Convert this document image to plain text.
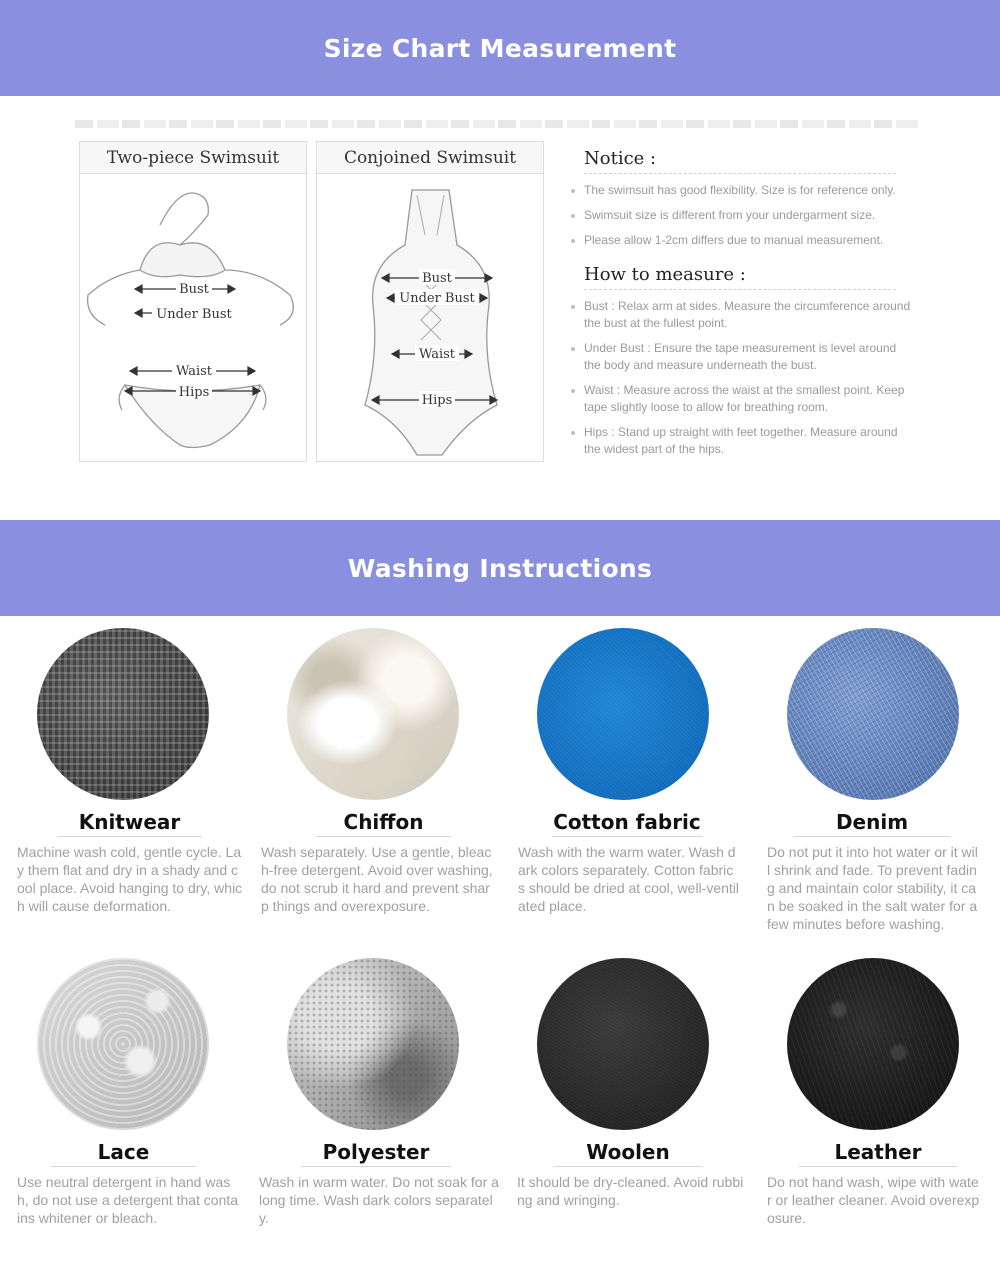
Size Chart Measurement
Two-piece Swimsuit
Bust
Under Bust
Waist
Hips
Conjoined Swimsuit
Bust
Under Bust
Waist
Hips
Notice :
The swimsuit has good flexibility. Size is for reference only.
Swimsuit size is different from your undergarment size.
Please allow 1-2cm differs due to manual measurement.
How to measure :
Bust : Relax arm at sides. Measure the circumference around the bust at the fullest point.
Under Bust : Ensure the tape measurement is level around the body and measure underneath the bust.
Waist : Measure across the waist at the smallest point. Keep tape slightly loose to allow for breathing room.
Hips : Stand up straight with feet together. Measure around the widest part of the hips.
Washing Instructions
Knitwear
Machine wash cold, gentle cycle. Lay them flat and dry in a shady and cool place. Avoid hanging to dry, which will cause deformation.
Chiffon
Wash separately. Use a gentle, bleach-free detergent. Avoid over washing, do not scrub it hard and prevent sharp things and overexposure.
Cotton fabric
Wash with the warm water. Wash dark colors separately. Cotton fabrics should be dried at cool, well-ventilated place.
Denim
Do not put it into hot water or it will shrink and fade. To prevent fading and maintain color stability, it can be soaked in the salt water for a few minutes before washing.
Lace
Use neutral detergent in hand wash, do not use a detergent that contains whitener or bleach.
Polyester
Wash in warm water. Do not soak for a long time. Wash dark colors separately.
Woolen
It should be dry-cleaned. Avoid rubbing and wringing.
Leather
Do not hand wash, wipe with water or leather cleaner. Avoid overexposure.
